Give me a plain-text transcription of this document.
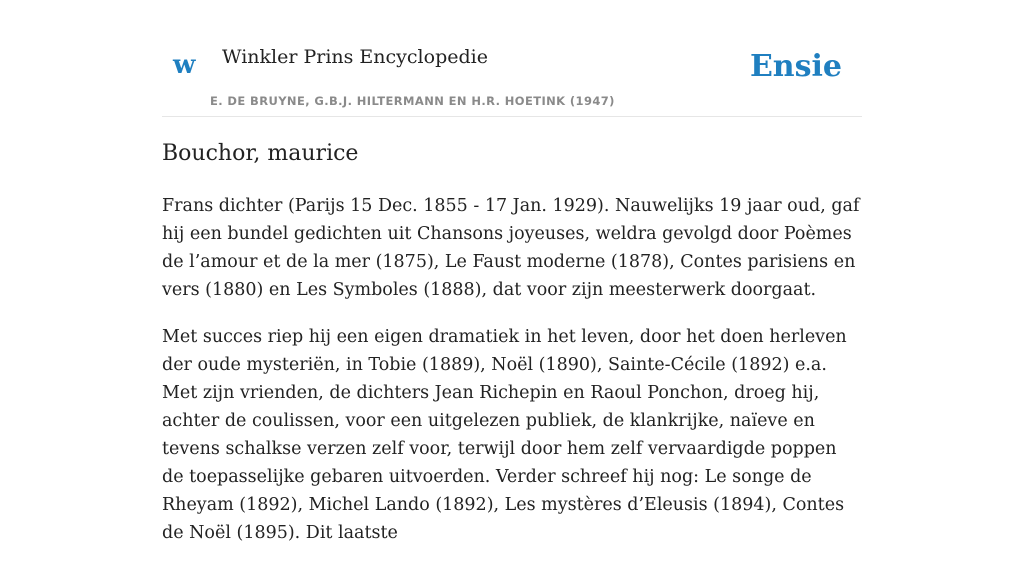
w Winkler Prins Encyclopedie
E. DE BRUYNE, G.B.J. HILTERMANN EN H.R. HOETINK (1947)
Ensie
Bouchor, maurice

Frans dichter (Parijs 15 Dec. 1855 - 17 Jan. 1929). Nauwelijks 19 jaar oud, gaf hij een bundel gedichten uit Chansons joyeuses, weldra gevolgd door Poèmes de l’amour et de la mer (1875), Le Faust moderne (1878), Contes parisiens en vers (1880) en Les Symboles (1888), dat voor zijn meesterwerk doorgaat.

Met succes riep hij een eigen dramatiek in het leven, door het doen herleven der oude mysteriën, in Tobie (1889), Noël (1890), Sainte-Cécile (1892) e.a. Met zijn vrienden, de dichters Jean Richepin en Raoul Ponchon, droeg hij, achter de coulissen, voor een uitgelezen publiek, de klankrijke, naïeve en tevens schalkse verzen zelf voor, terwijl door hem zelf vervaardigde poppen de toepasselijke gebaren uitvoerden. Verder schreef hij nog: Le songe de Rheyam (1892), Michel Lando (1892), Les mystères d’Eleusis (1894), Contes de Noël (1895). Dit laatste
